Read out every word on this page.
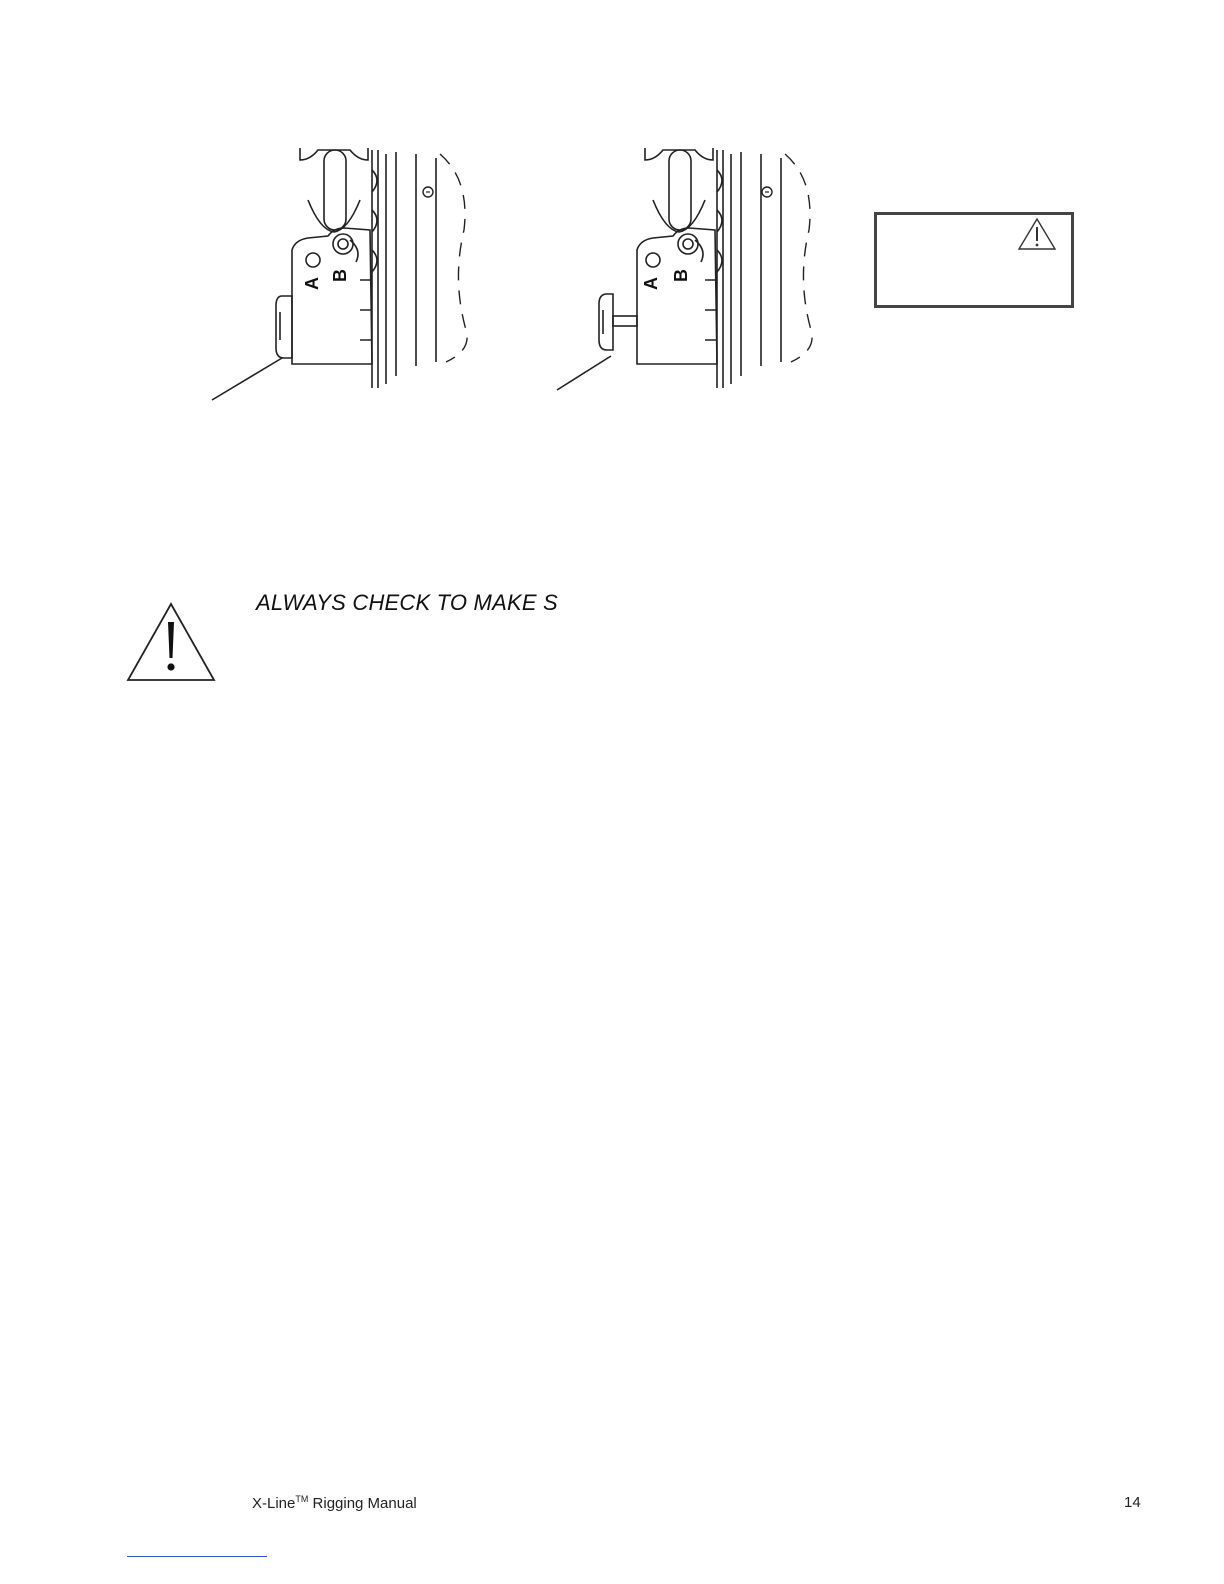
A
B
A
B
ALWAYS CHECK TO MAKE S
X-Line™ Rigging Manual	14
